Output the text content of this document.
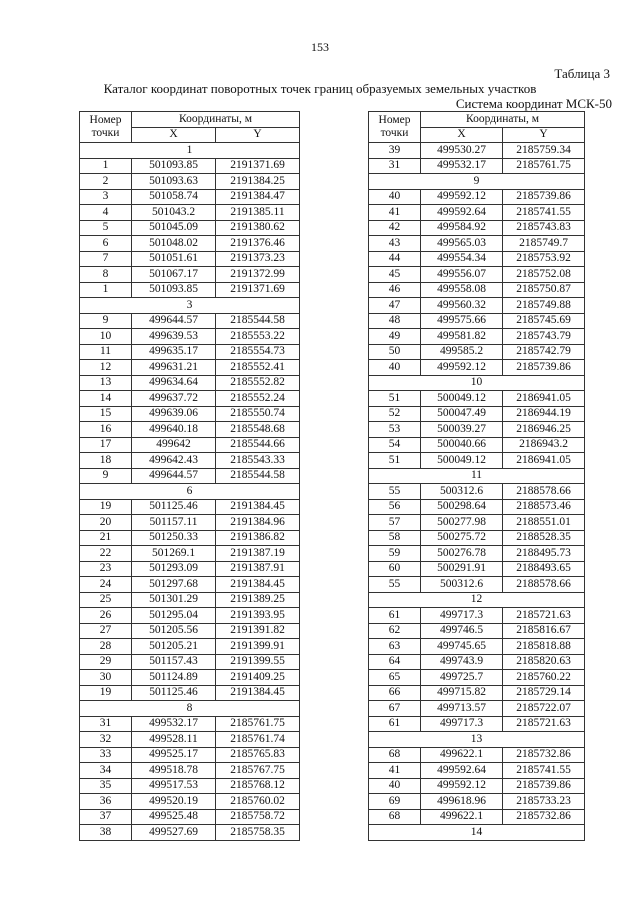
153
Таблица 3
Каталог координат поворотных точек границ образуемых земельных участков
Система координат МСК-50
Номер
точки	Координаты, м	
	X	Y
1		
1	501093.85	2191371.69
2	501093.63	2191384.25
3	501058.74	2191384.47
4	501043.2	2191385.11
5	501045.09	2191380.62
6	501048.02	2191376.46
7	501051.61	2191373.23
8	501067.17	2191372.99
1	501093.85	2191371.69
3		
9	499644.57	2185544.58
10	499639.53	2185553.22
11	499635.17	2185554.73
12	499631.21	2185552.41
13	499634.64	2185552.82
14	499637.72	2185552.24
15	499639.06	2185550.74
16	499640.18	2185548.68
17	499642	2185544.66
18	499642.43	2185543.33
9	499644.57	2185544.58
6		
19	501125.46	2191384.45
20	501157.11	2191384.96
21	501250.33	2191386.82
22	501269.1	2191387.19
23	501293.09	2191387.91
24	501297.68	2191384.45
25	501301.29	2191389.25
26	501295.04	2191393.95
27	501205.56	2191391.82
28	501205.21	2191399.91
29	501157.43	2191399.55
30	501124.89	2191409.25
19	501125.46	2191384.45
8		
31	499532.17	2185761.75
32	499528.11	2185761.74
33	499525.17	2185765.83
34	499518.78	2185767.75
35	499517.53	2185768.12
36	499520.19	2185760.02
37	499525.48	2185758.72
38	499527.69	2185758.35
Номер
точки	Координаты, м	
	X	Y
39	499530.27	2185759.34
31	499532.17	2185761.75
9		
40	499592.12	2185739.86
41	499592.64	2185741.55
42	499584.92	2185743.83
43	499565.03	2185749.7
44	499554.34	2185753.92
45	499556.07	2185752.08
46	499558.08	2185750.87
47	499560.32	2185749.88
48	499575.66	2185745.69
49	499581.82	2185743.79
50	499585.2	2185742.79
40	499592.12	2185739.86
10		
51	500049.12	2186941.05
52	500047.49	2186944.19
53	500039.27	2186946.25
54	500040.66	2186943.2
51	500049.12	2186941.05
11		
55	500312.6	2188578.66
56	500298.64	2188573.46
57	500277.98	2188551.01
58	500275.72	2188528.35
59	500276.78	2188495.73
60	500291.91	2188493.65
55	500312.6	2188578.66
12		
61	499717.3	2185721.63
62	499746.5	2185816.67
63	499745.65	2185818.88
64	499743.9	2185820.63
65	499725.7	2185760.22
66	499715.82	2185729.14
67	499713.57	2185722.07
61	499717.3	2185721.63
13		
68	499622.1	2185732.86
41	499592.64	2185741.55
40	499592.12	2185739.86
69	499618.96	2185733.23
68	499622.1	2185732.86
14		
